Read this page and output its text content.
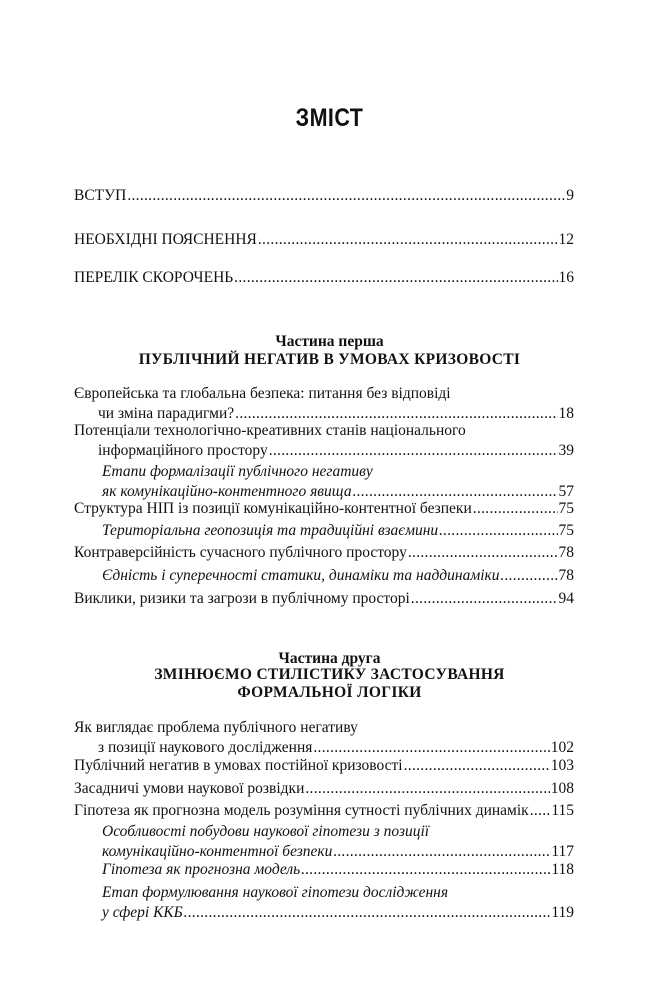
ЗМІСТ
ВСТУП .....	9
НЕОБХІДНІ ПОЯСНЕННЯ .....	12
ПЕРЕЛІК СКОРОЧЕНЬ .....	16
Частина перша
ПУБЛІЧНИЙ НЕГАТИВ В УМОВАХ КРИЗОВОСТІ
Європейська та глобальна безпека: питання без відповіді
чи зміна парадигми? .....	18
Потенціали технологічно-креативних станів національного
інформаційного простору .....	39
Етапи формалізації публічного негативу
як комунікаційно-контентного явища .....	57
Структура НІП із позиції комунікаційно-контентної безпеки .....	75
Територіальна геопозиція та традиційні взаємини .....	75
Контраверсійність сучасного публічного простору .....	78
Єдність і суперечності статики, динаміки та наддинаміки .....	78
Виклики, ризики та загрози в публічному просторі .....	94
Частина друга
ЗМІНЮЄМО СТИЛІСТИКУ ЗАСТОСУВАННЯ
ФОРМАЛЬНОЇ ЛОГІКИ
Як виглядає проблема публічного негативу
з позиції наукового дослідження .....	102
Публічний негатив в умовах постійної кризовості .....	103
Засадничі умови наукової розвідки .....	108
Гіпотеза як прогнозна модель розуміння сутності публічних динамік ..... 115
Особливості побудови наукової гіпотези з позиції
комунікаційно-контентної безпеки .....	117
Гіпотеза як прогнозна модель .....	118
Етап формулювання наукової гіпотези дослідження
у сфері ККБ .....	119
